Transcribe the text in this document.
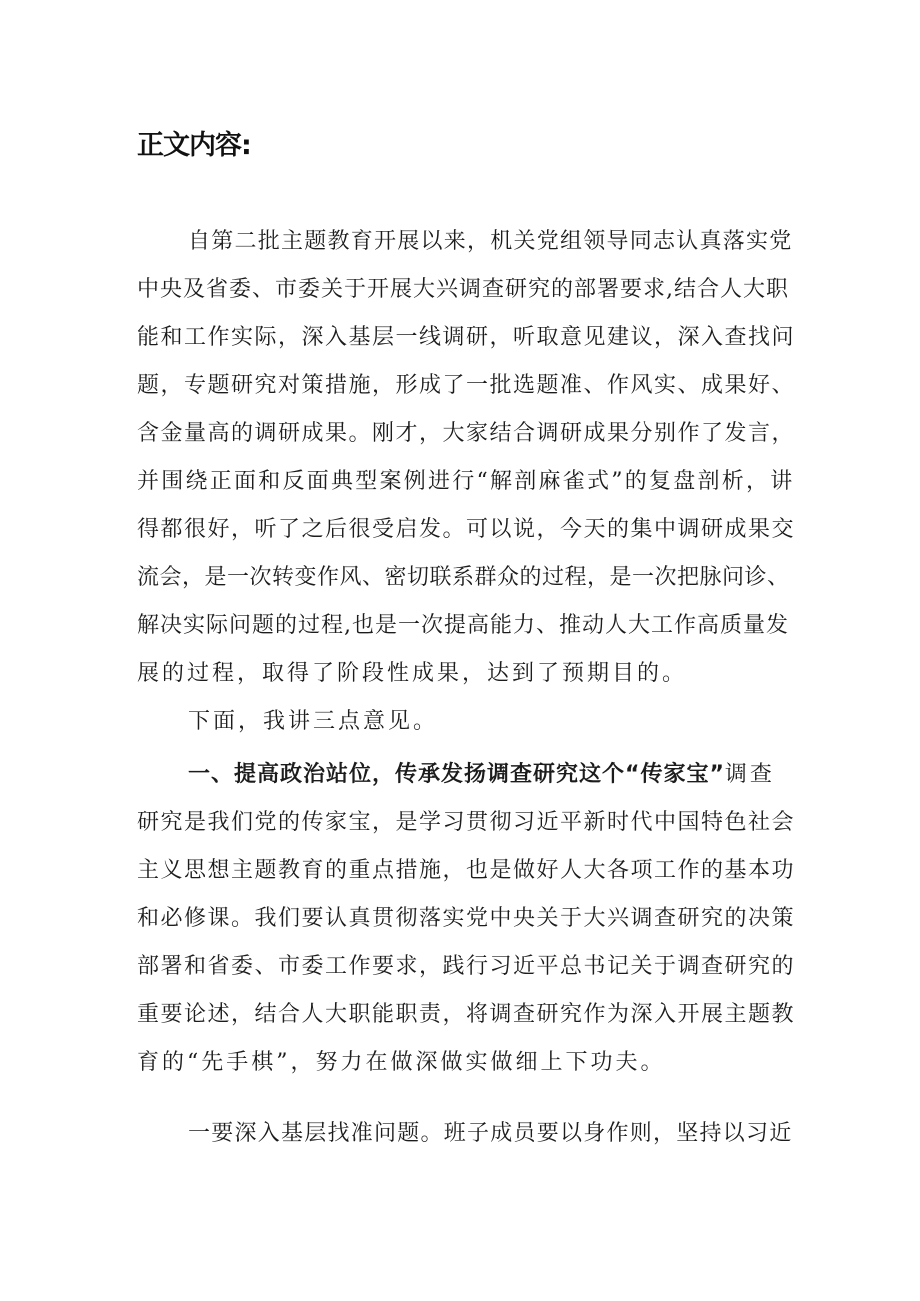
正文内容:

自第二批主题教育开展以来，机关党组领导同志认真落实党

中央及省委、市委关于开展大兴调查研究的部署要求,结合人大职

能和工作实际，深入基层一线调研，听取意见建议，深入查找问

题，专题研究对策措施，形成了一批选题准、作风实、成果好、

含金量高的调研成果。刚才，大家结合调研成果分别作了发言，

并围绕正面和反面典型案例进行“解剖麻雀式”的复盘剖析，讲

得都很好，听了之后很受启发。可以说，今天的集中调研成果交

流会，是一次转变作风、密切联系群众的过程，是一次把脉问诊、

解决实际问题的过程,也是一次提高能力、推动人大工作高质量发

展的过程，取得了阶段性成果，达到了预期目的。

下面，我讲三点意见。

一、提高政治站位，传承发扬调查研究这个“传家宝”调查

研究是我们党的传家宝，是学习贯彻习近平新时代中国特色社会

主义思想主题教育的重点措施，也是做好人大各项工作的基本功

和必修课。我们要认真贯彻落实党中央关于大兴调查研究的决策

部署和省委、市委工作要求，践行习近平总书记关于调查研究的

重要论述，结合人大职能职责，将调查研究作为深入开展主题教

育的“先手棋”，努力在做深做实做细上下功夫。

一要深入基层找准问题。班子成员要以身作则，坚持以习近
